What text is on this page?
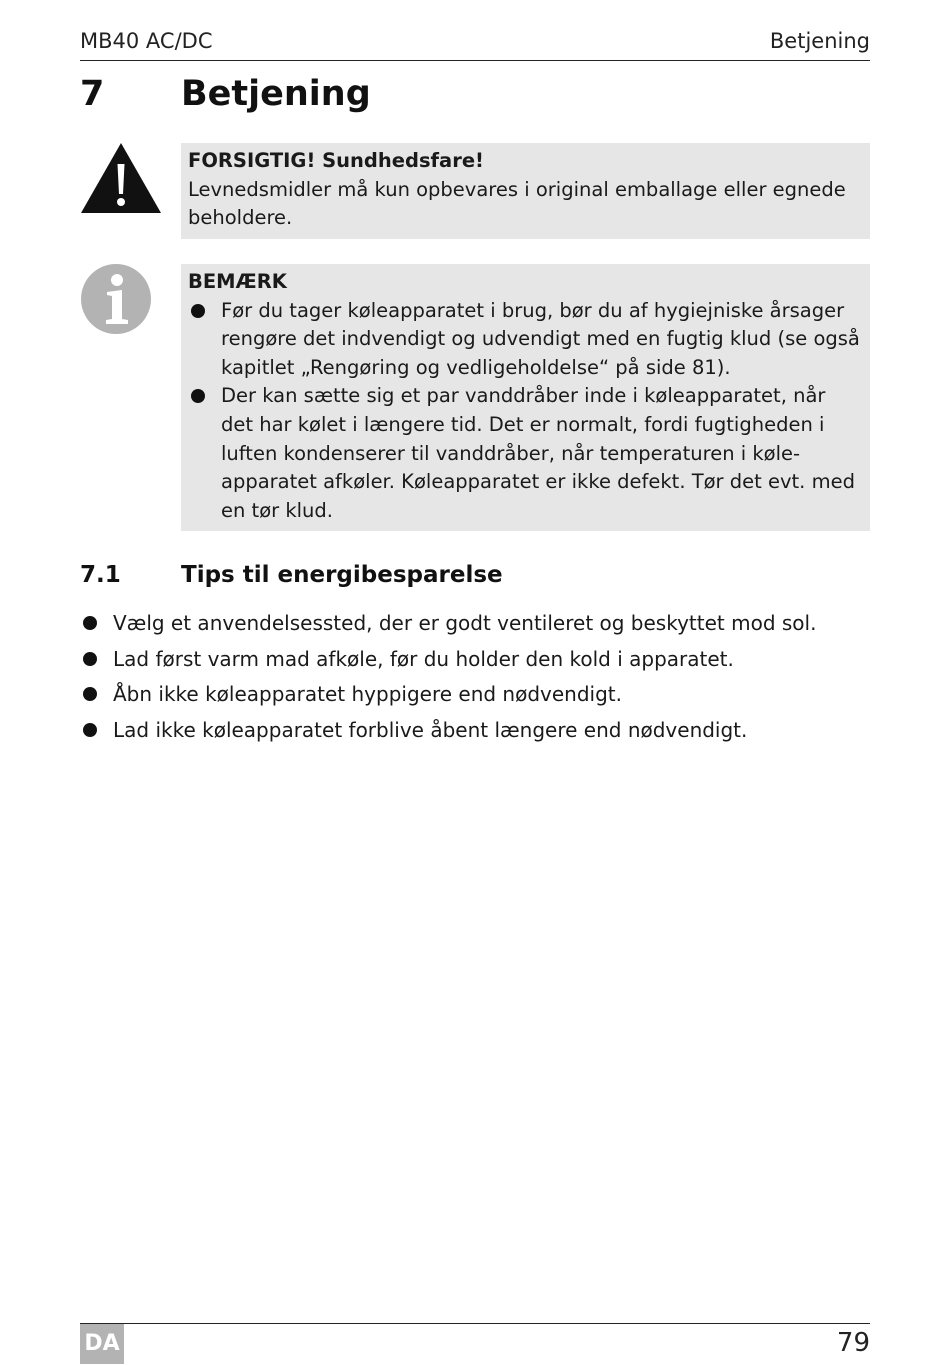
MB40 AC/DC	Betjening
7 Betjening
FORSIGTIG! Sundhedsfare!
Levnedsmidler må kun opbevares i original emballage eller egnede beholdere.
BEMÆRK
Før du tager køleapparatet i brug, bør du af hygiejniske årsager rengøre det indvendigt og udvendigt med en fugtig klud (se også kapitlet „Rengøring og vedligeholdelse“ på side 81).
Der kan sætte sig et par vanddråber inde i køleapparatet, når det har kølet i længere tid. Det er normalt, fordi fugtigheden i luften kondenserer til vanddråber, når temperaturen i køle-apparatet afkøler. Køleapparatet er ikke defekt. Tør det evt. med en tør klud.
7.1	Tips til energibesparelse
Vælg et anvendelsessted, der er godt ventileret og beskyttet mod sol.
Lad først varm mad afkøle, før du holder den kold i apparatet.
Åbn ikke køleapparatet hyppigere end nødvendigt.
Lad ikke køleapparatet forblive åbent længere end nødvendigt.
DA	79
